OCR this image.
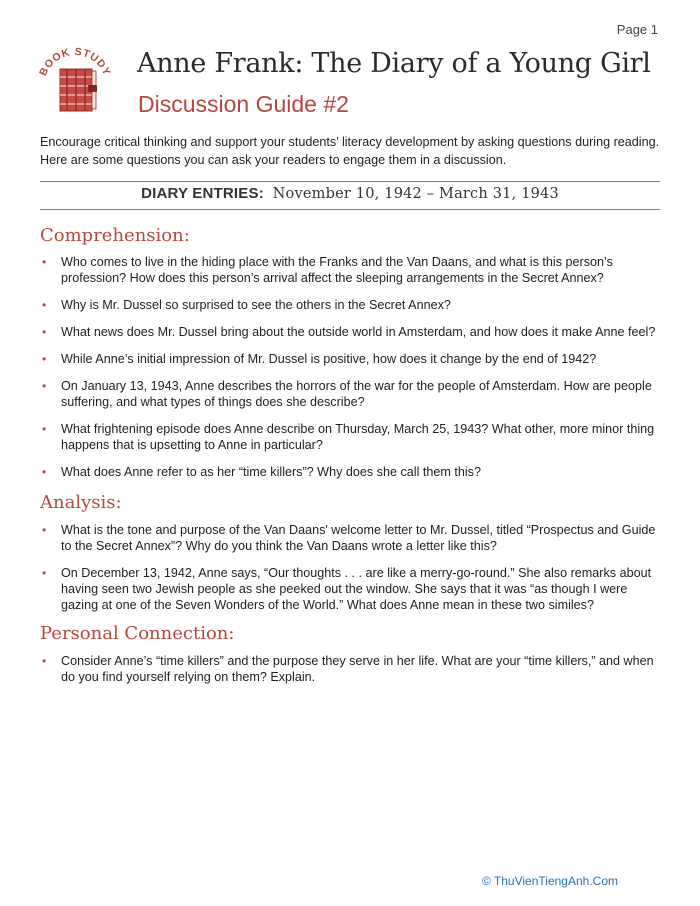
Page 1
BOOK STUDY Anne Frank: The Diary of a Young Girl
Discussion Guide #2
Encourage critical thinking and support your students’ literacy development by asking questions during reading. Here are some questions you can ask your readers to engage them in a discussion.
DIARY ENTRIES: November 10, 1942 – March 31, 1943
Comprehension:
• Who comes to live in the hiding place with the Franks and the Van Daans, and what is this person’s profession? How does this person’s arrival affect the sleeping arrangements in the Secret Annex?
• Why is Mr. Dussel so surprised to see the others in the Secret Annex?
• What news does Mr. Dussel bring about the outside world in Amsterdam, and how does it make Anne feel?
• While Anne’s initial impression of Mr. Dussel is positive, how does it change by the end of 1942?
• On January 13, 1943, Anne describes the horrors of the war for the people of Amsterdam. How are people suffering, and what types of things does she describe?
• What frightening episode does Anne describe on Thursday, March 25, 1943? What other, more minor thing happens that is upsetting to Anne in particular?
• What does Anne refer to as her “time killers”? Why does she call them this?
Analysis:
• What is the tone and purpose of the Van Daans' welcome letter to Mr. Dussel, titled “Prospectus and Guide to the Secret Annex”? Why do you think the Van Daans wrote a letter like this?
• On December 13, 1942, Anne says, “Our thoughts . . . are like a merry-go-round.” She also remarks about having seen two Jewish people as she peeked out the window. She says that it was “as though I were gazing at one of the Seven Wonders of the World.” What does Anne mean in these two similes?
Personal Connection:
• Consider Anne’s “time killers” and the purpose they serve in her life. What are your “time killers,” and when do you find yourself relying on them? Explain.
© ThuVienTiengAnh.Com
